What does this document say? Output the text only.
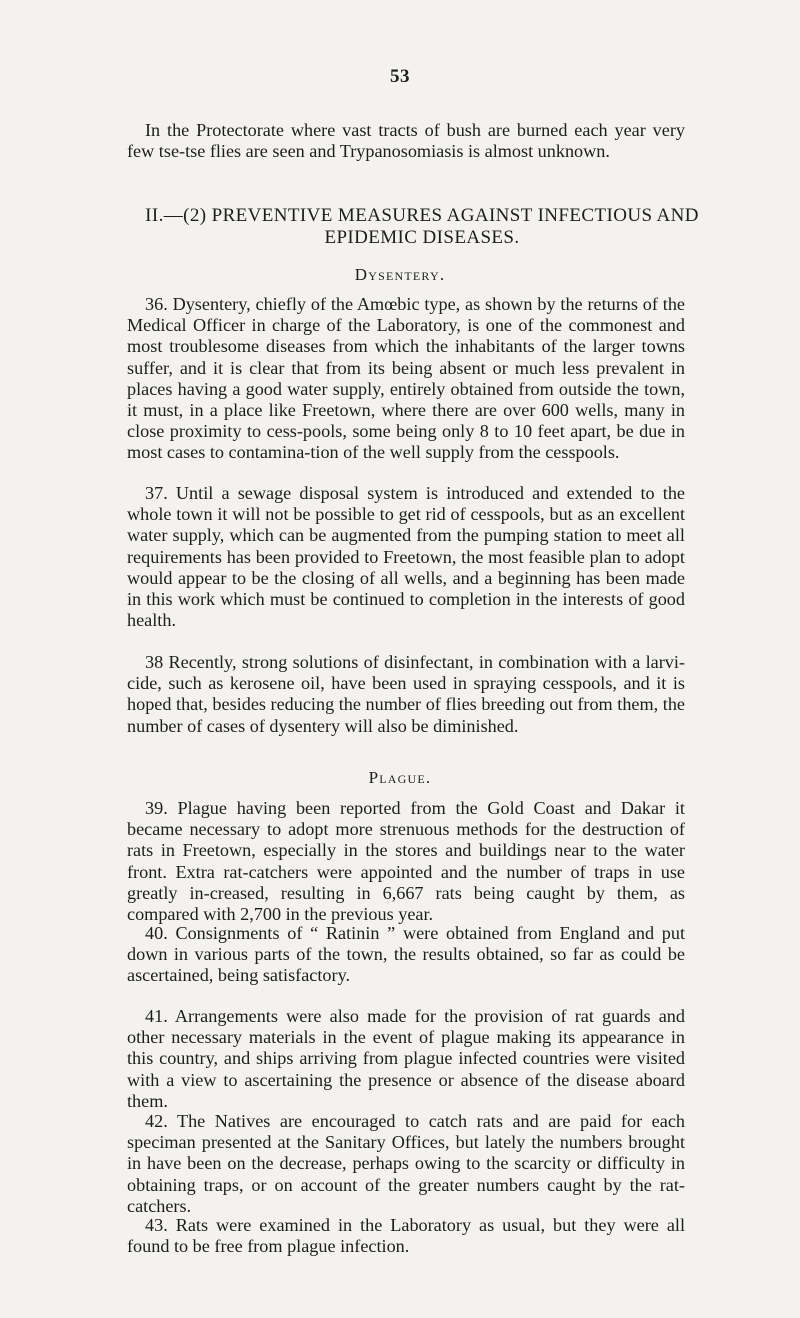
53
In the Protectorate where vast tracts of bush are burned each year very few tse-tse flies are seen and Trypanosomiasis is almost unknown.
II.—(2) PREVENTIVE MEASURES AGAINST INFECTIOUS AND EPIDEMIC DISEASES.
Dysentery.
36. Dysentery, chiefly of the Amœbic type, as shown by the returns of the Medical Officer in charge of the Laboratory, is one of the commonest and most troublesome diseases from which the inhabitants of the larger towns suffer, and it is clear that from its being absent or much less prevalent in places having a good water supply, entirely obtained from outside the town, it must, in a place like Freetown, where there are over 600 wells, many in close proximity to cess-pools, some being only 8 to 10 feet apart, be due in most cases to contamina-tion of the well supply from the cesspools.
37. Until a sewage disposal system is introduced and extended to the whole town it will not be possible to get rid of cesspools, but as an excellent water supply, which can be augmented from the pumping station to meet all requirements has been provided to Freetown, the most feasible plan to adopt would appear to be the closing of all wells, and a beginning has been made in this work which must be continued to completion in the interests of good health.
38 Recently, strong solutions of disinfectant, in combination with a larvi-cide, such as kerosene oil, have been used in spraying cesspools, and it is hoped that, besides reducing the number of flies breeding out from them, the number of cases of dysentery will also be diminished.
Plague.
39. Plague having been reported from the Gold Coast and Dakar it became necessary to adopt more strenuous methods for the destruction of rats in Freetown, especially in the stores and buildings near to the water front. Extra rat-catchers were appointed and the number of traps in use greatly in-creased, resulting in 6,667 rats being caught by them, as compared with 2,700 in the previous year.
40. Consignments of “ Ratinin ” were obtained from England and put down in various parts of the town, the results obtained, so far as could be ascertained, being satisfactory.
41. Arrangements were also made for the provision of rat guards and other necessary materials in the event of plague making its appearance in this country, and ships arriving from plague infected countries were visited with a view to ascertaining the presence or absence of the disease aboard them.
42. The Natives are encouraged to catch rats and are paid for each speciman presented at the Sanitary Offices, but lately the numbers brought in have been on the decrease, perhaps owing to the scarcity or difficulty in obtaining traps, or on account of the greater numbers caught by the rat-catchers.
43. Rats were examined in the Laboratory as usual, but they were all found to be free from plague infection.
